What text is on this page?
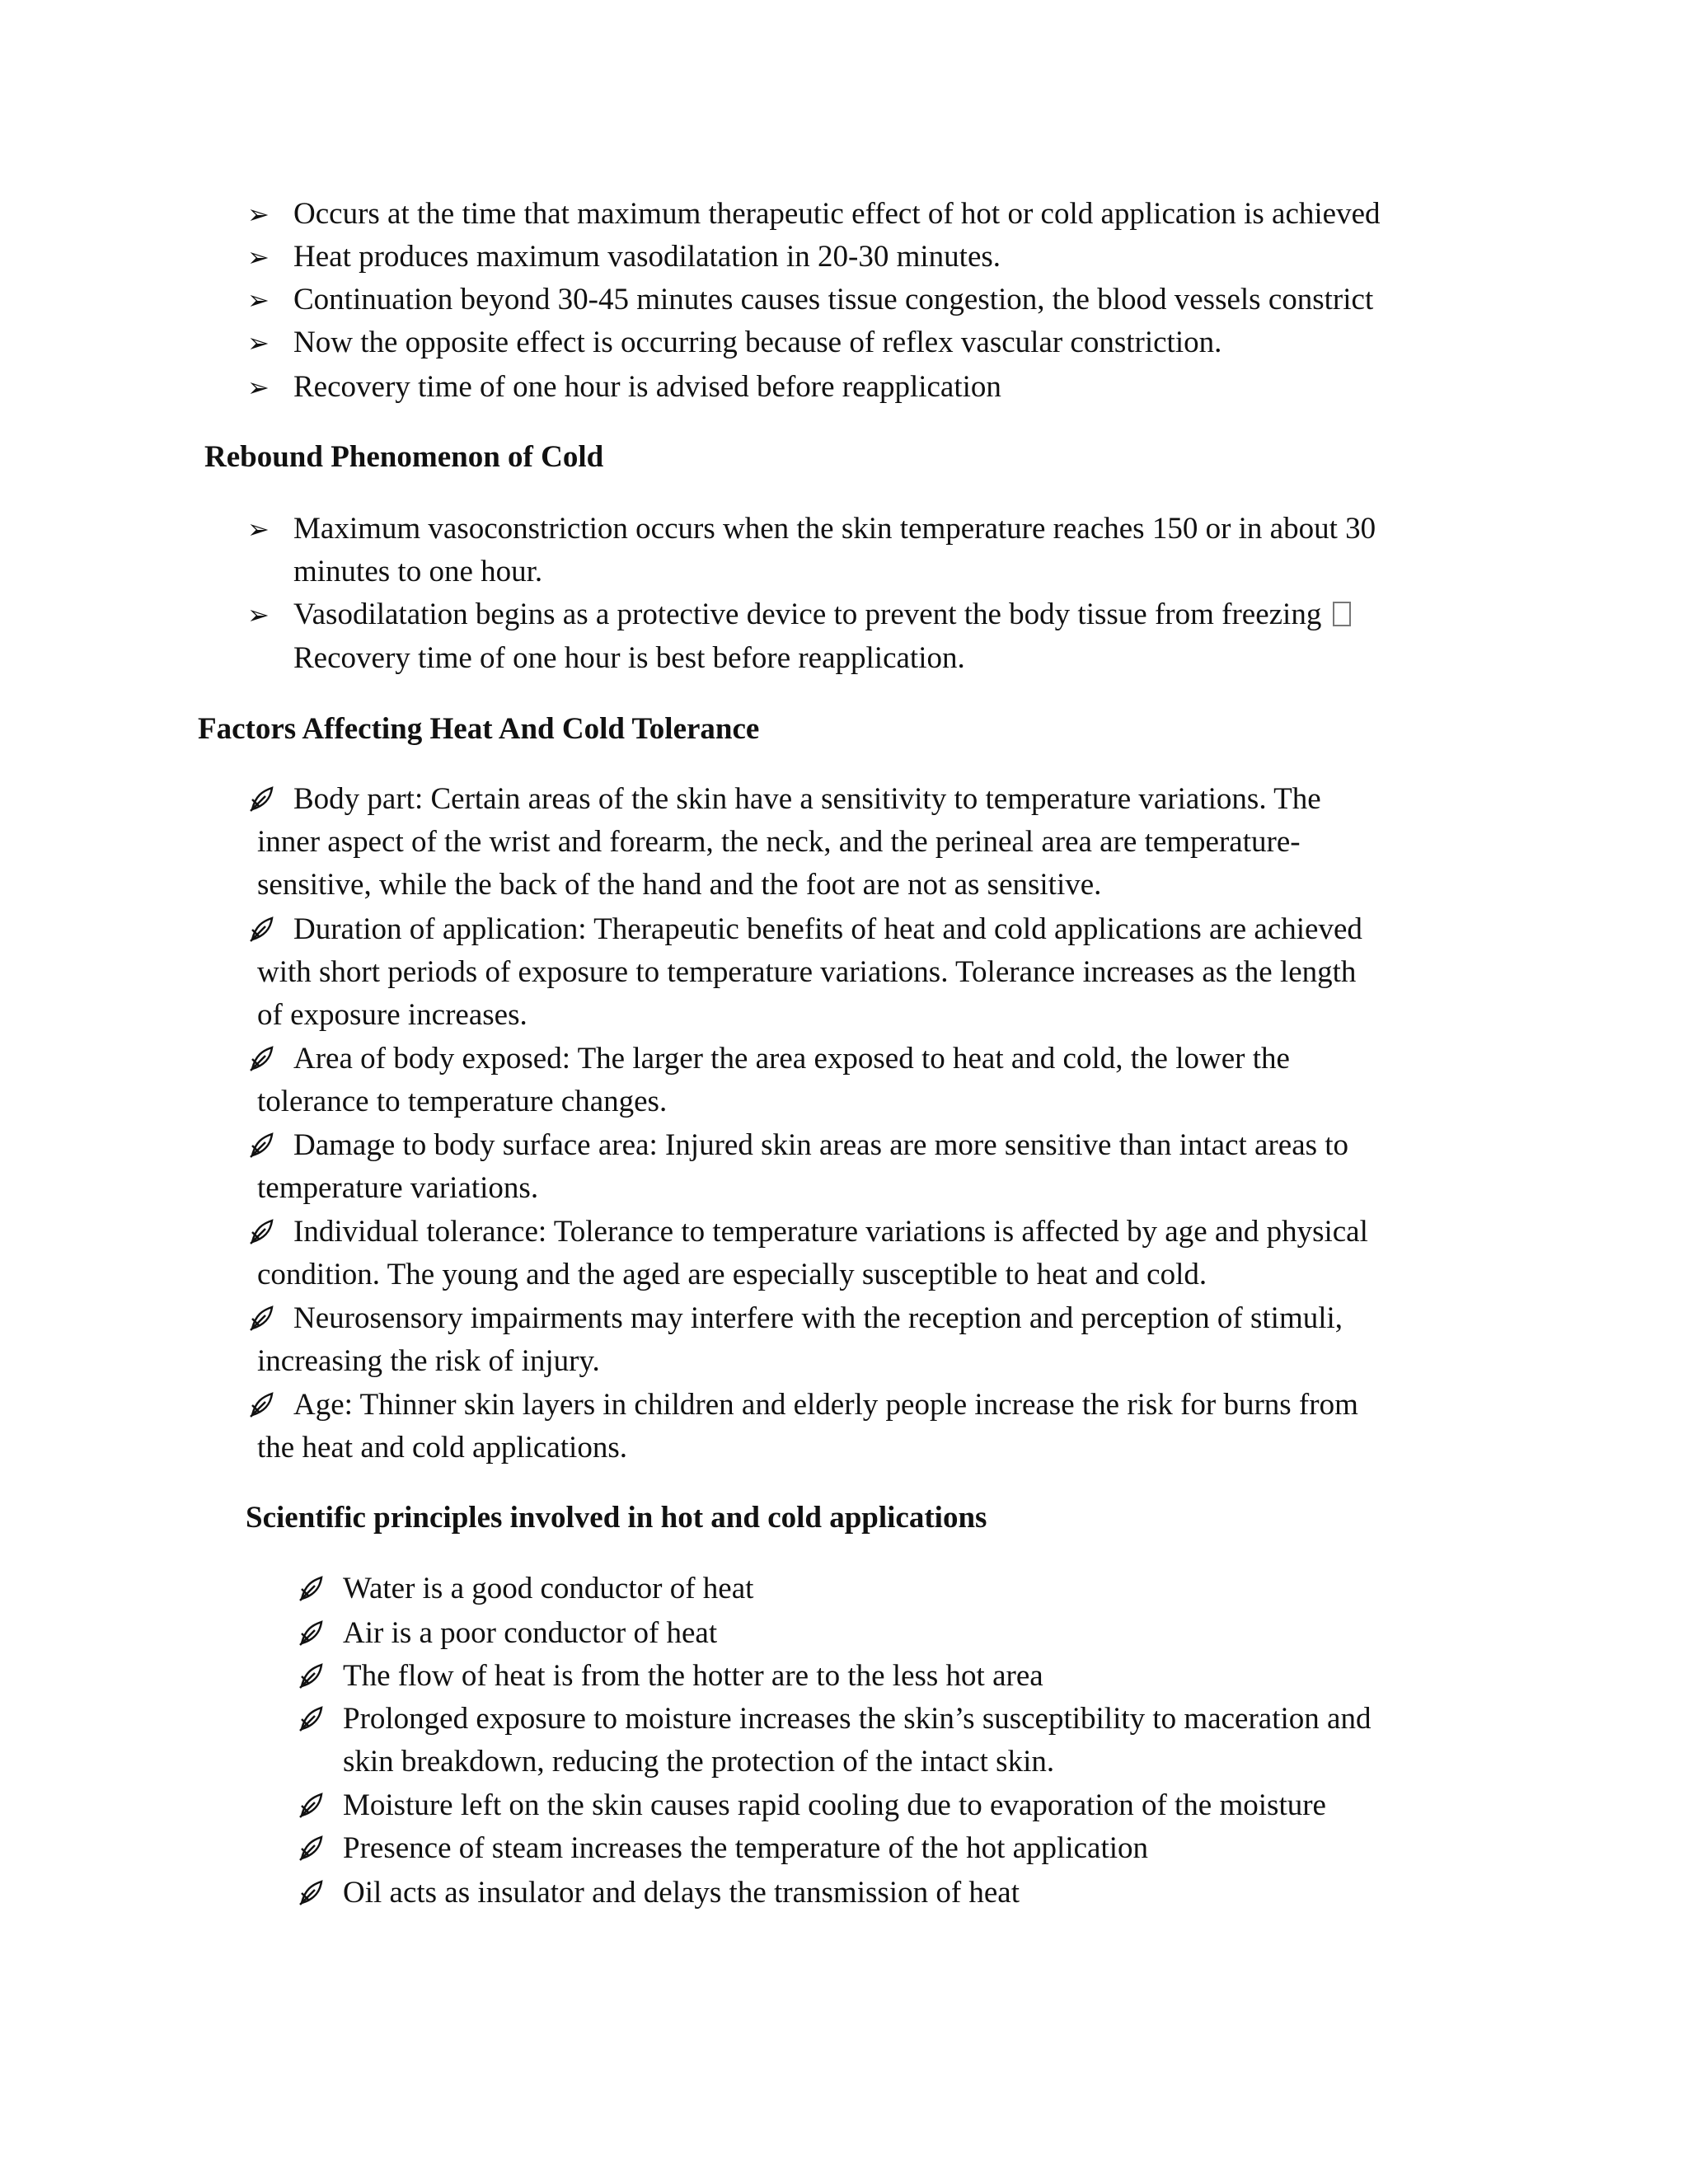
➢ Occurs at the time that maximum therapeutic effect of hot or cold application is achieved
➢ Heat produces maximum vasodilatation in 20-30 minutes.
➢ Continuation beyond 30-45 minutes causes tissue congestion, the blood vessels constrict
➢ Now the opposite effect is occurring because of reflex vascular constriction.
➢ Recovery time of one hour is advised before reapplication
Rebound Phenomenon of Cold
➢ Maximum vasoconstriction occurs when the skin temperature reaches 150 or in about 30
minutes to one hour.
➢ Vasodilatation begins as a protective device to prevent the body tissue from freezing
Recovery time of one hour is best before reapplication.
Factors Affecting Heat And Cold Tolerance
Body part: Certain areas of the skin have a sensitivity to temperature variations. The
inner aspect of the wrist and forearm, the neck, and the perineal area are temperature-
sensitive, while the back of the hand and the foot are not as sensitive.
Duration of application: Therapeutic benefits of heat and cold applications are achieved
with short periods of exposure to temperature variations. Tolerance increases as the length
of exposure increases.
Area of body exposed: The larger the area exposed to heat and cold, the lower the
tolerance to temperature changes.
Damage to body surface area: Injured skin areas are more sensitive than intact areas to
temperature variations.
Individual tolerance: Tolerance to temperature variations is affected by age and physical
condition. The young and the aged are especially susceptible to heat and cold.
Neurosensory impairments may interfere with the reception and perception of stimuli,
increasing the risk of injury.
Age: Thinner skin layers in children and elderly people increase the risk for burns from
the heat and cold applications.
Scientific principles involved in hot and cold applications
Water is a good conductor of heat
Air is a poor conductor of heat
The flow of heat is from the hotter are to the less hot area
Prolonged exposure to moisture increases the skin’s susceptibility to maceration and
skin breakdown, reducing the protection of the intact skin.
Moisture left on the skin causes rapid cooling due to evaporation of the moisture
Presence of steam increases the temperature of the hot application
Oil acts as insulator and delays the transmission of heat
